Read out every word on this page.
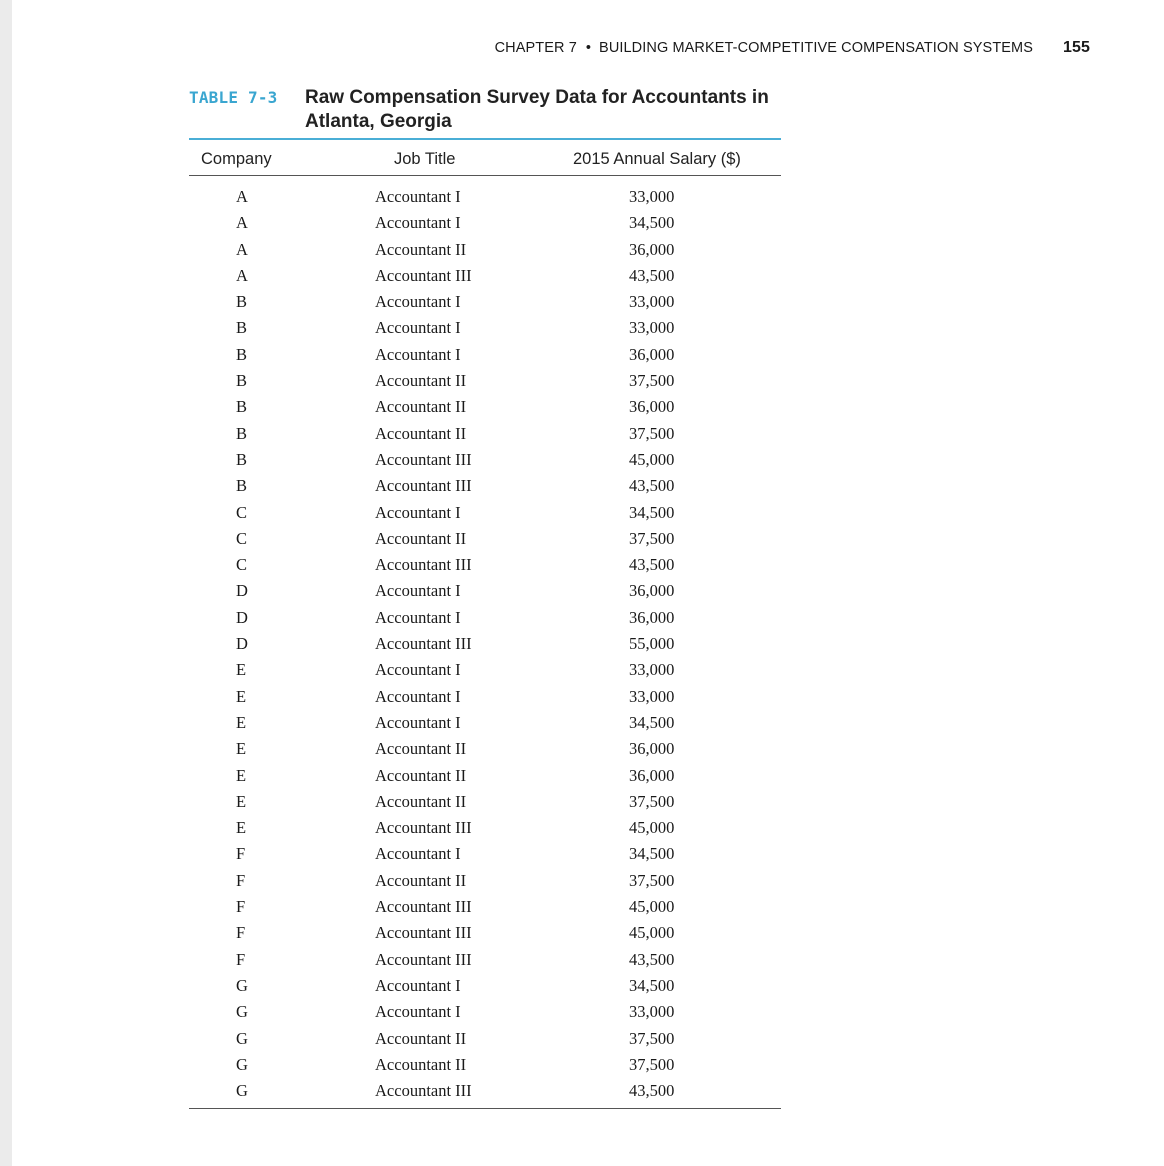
CHAPTER 7 • BUILDING MARKET-COMPETITIVE COMPENSATION SYSTEMS 155
TABLE 7-3 Raw Compensation Survey Data for Accountants in Atlanta, Georgia
Company	Job Title	2015 Annual Salary ($)
A	Accountant I	33,000
A	Accountant I	34,500
A	Accountant II	36,000
A	Accountant III	43,500
B	Accountant I	33,000
B	Accountant I	33,000
B	Accountant I	36,000
B	Accountant II	37,500
B	Accountant II	36,000
B	Accountant II	37,500
B	Accountant III	45,000
B	Accountant III	43,500
C	Accountant I	34,500
C	Accountant II	37,500
C	Accountant III	43,500
D	Accountant I	36,000
D	Accountant I	36,000
D	Accountant III	55,000
E	Accountant I	33,000
E	Accountant I	33,000
E	Accountant I	34,500
E	Accountant II	36,000
E	Accountant II	36,000
E	Accountant II	37,500
E	Accountant III	45,000
F	Accountant I	34,500
F	Accountant II	37,500
F	Accountant III	45,000
F	Accountant III	45,000
F	Accountant III	43,500
G	Accountant I	34,500
G	Accountant I	33,000
G	Accountant II	37,500
G	Accountant II	37,500
G	Accountant III	43,500
